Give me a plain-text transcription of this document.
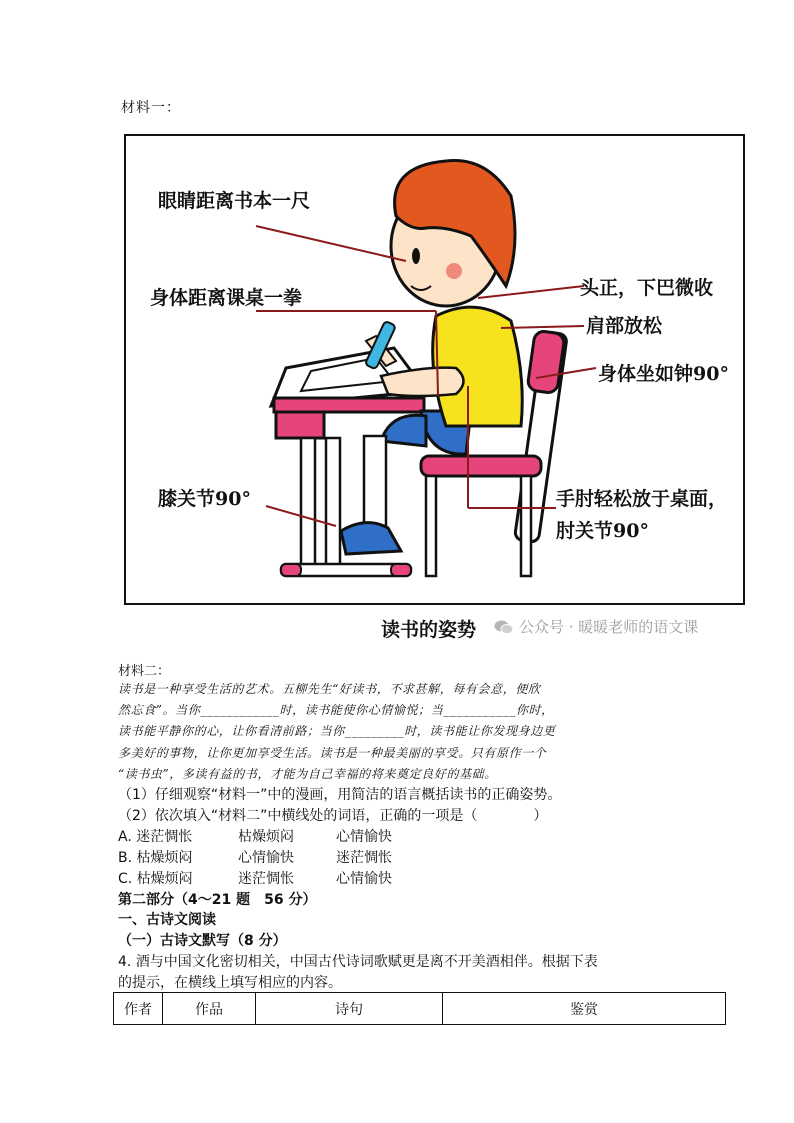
材料一：
眼睛距离书本一尺
身体距离课桌一拳	头正，下巴微收
肩部放松
身体坐如钟90°
膝关节90°	手肘轻松放于桌面，
肘关节90°
读书的姿势	公众号 · 暖暖老师的语文课
材料二：
读书是一种享受生活的艺术。五柳先生“好读书，不求甚解，每有会意，便欣
然忘食”。当你____________时，读书能使你心情愉悦；当___________你时，
读书能平静你的心，让你看清前路；当你_________时，读书能让你发现身边更
多美好的事物，让你更加享受生活。读书是一种最美丽的享受。只有原作一个
“读书虫”，多读有益的书，才能为自己幸福的将来奠定良好的基础。
（1）仔细观察“材料一”中的漫画，用简洁的语言概括读书的正确姿势。
（2）依次填入“材料二”中横线处的词语，正确的一项是（　　　　）
A. 迷茫惆怅	枯燥烦闷	心情愉快
B. 枯燥烦闷	心情愉快	迷茫惆怅
C. 枯燥烦闷	迷茫惆怅	心情愉快
第二部分（4～21 题　56 分）
一、古诗文阅读
（一）古诗文默写（8 分）
4. 酒与中国文化密切相关，中国古代诗词歌赋更是离不开美酒相伴。根据下表
的提示，在横线上填写相应的内容。
作者	作品	诗句	鉴赏
